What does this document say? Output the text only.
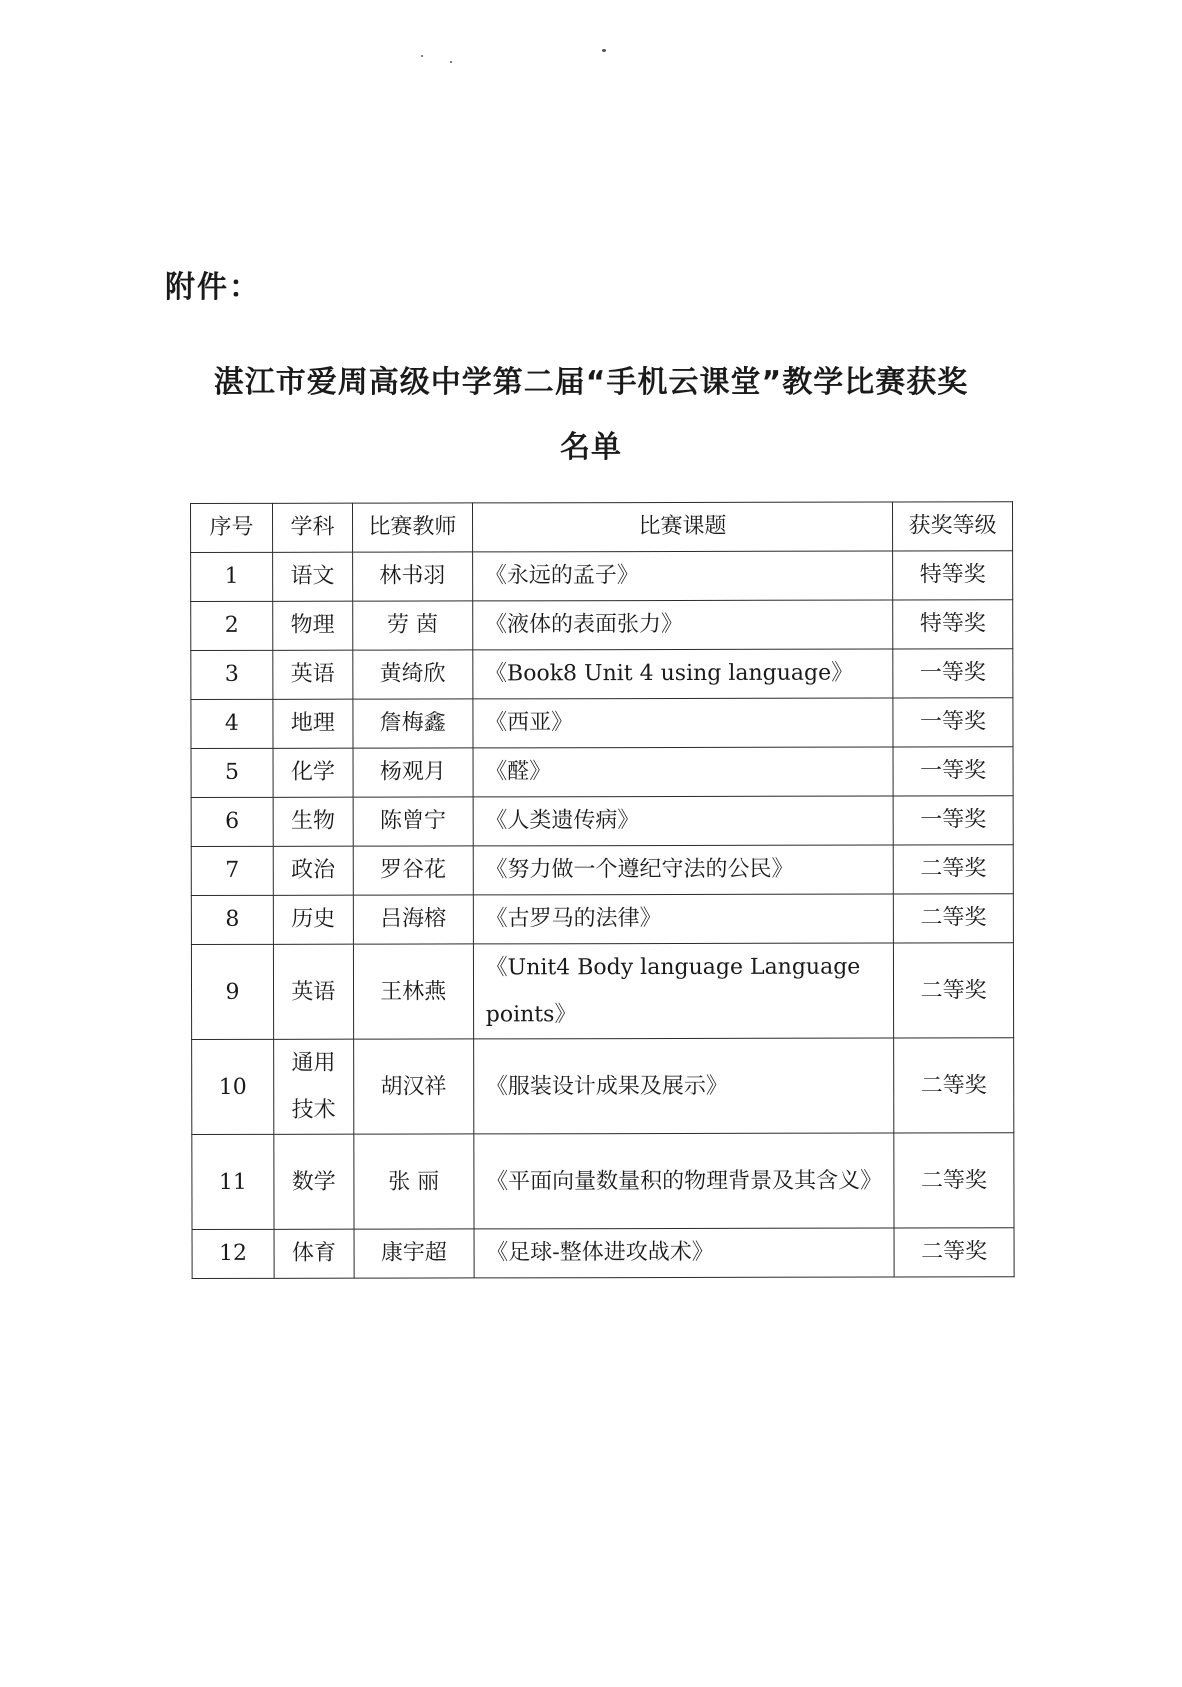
附件：
湛江市爱周高级中学第二届“手机云课堂”教学比赛获奖
名单
序号	学科	比赛教师	比赛课题	获奖等级
1	语文	林书羽	《永远的孟子》	特等奖
2	物理	劳 茵	《液体的表面张力》	特等奖
3	英语	黄绮欣	《Book8 Unit 4 using language》	一等奖
4	地理	詹梅鑫	《西亚》	一等奖
5	化学	杨观月	《醛》	一等奖
6	生物	陈曾宁	《人类遗传病》	一等奖
7	政治	罗谷花	《努力做一个遵纪守法的公民》	二等奖
8	历史	吕海榕	《古罗马的法律》	二等奖
9	英语	王林燕	《Unit4 Body language Language points》	二等奖
10	通用技术	胡汉祥	《服装设计成果及展示》	二等奖
11	数学	张 丽	《平面向量数量积的物理背景及其含义》	二等奖
12	体育	康宇超	《足球-整体进攻战术》	二等奖
